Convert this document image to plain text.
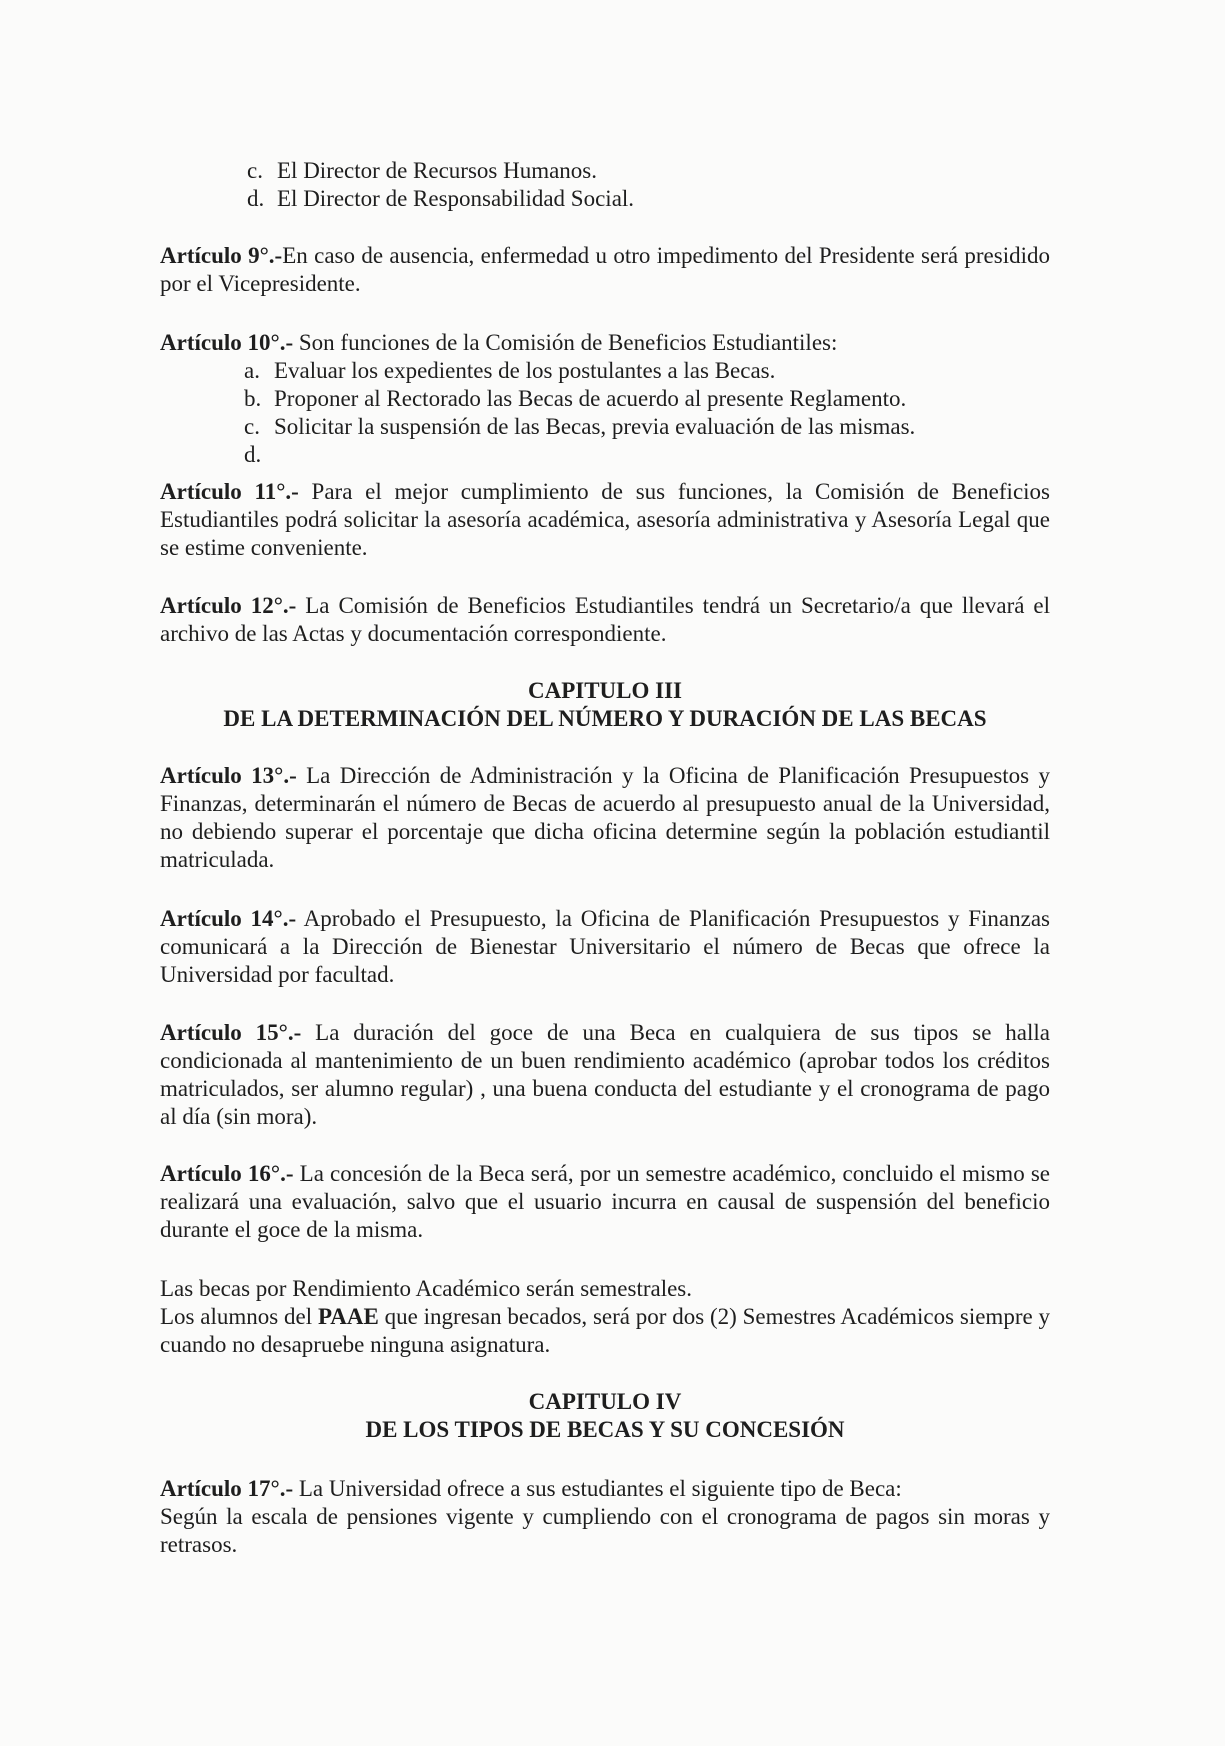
c. El Director de Recursos Humanos.
d. El Director de Responsabilidad Social.

Artículo 9°.-En caso de ausencia, enfermedad u otro impedimento del Presidente será presidido por el Vicepresidente.

Artículo 10°.- Son funciones de la Comisión de Beneficios Estudiantiles:

a. Evaluar los expedientes de los postulantes a las Becas.
b. Proponer al Rectorado las Becas de acuerdo al presente Reglamento.
c. Solicitar la suspensión de las Becas, previa evaluación de las mismas.
d.

Artículo 11°.- Para el mejor cumplimiento de sus funciones, la Comisión de Beneficios Estudiantiles podrá solicitar la asesoría académica, asesoría administrativa y Asesoría Legal que se estime conveniente.

Artículo 12°.- La Comisión de Beneficios Estudiantiles tendrá un Secretario/a que llevará el archivo de las Actas y documentación correspondiente.

CAPITULO III
DE LA DETERMINACIÓN DEL NÚMERO Y DURACIÓN DE LAS BECAS

Artículo 13°.- La Dirección de Administración y la Oficina de Planificación Presupuestos y Finanzas, determinarán el número de Becas de acuerdo al presupuesto anual de la Universidad, no debiendo superar el porcentaje que dicha oficina determine según la población estudiantil matriculada.

Artículo 14°.- Aprobado el Presupuesto, la Oficina de Planificación Presupuestos y Finanzas comunicará a la Dirección de Bienestar Universitario el número de Becas que ofrece la Universidad por facultad.

Artículo 15°.- La duración del goce de una Beca en cualquiera de sus tipos se halla condicionada al mantenimiento de un buen rendimiento académico (aprobar todos los créditos matriculados, ser alumno regular) , una buena conducta del estudiante y el cronograma de pago al día (sin mora).

Artículo 16°.- La concesión de la Beca será, por un semestre académico, concluido el mismo se realizará una evaluación, salvo que el usuario incurra en causal de suspensión del beneficio durante el goce de la misma.

Las becas por Rendimiento Académico serán semestrales.

Los alumnos del PAAE que ingresan becados, será por dos (2) Semestres Académicos siempre y cuando no desapruebe ninguna asignatura.

CAPITULO IV
DE LOS TIPOS DE BECAS Y SU CONCESIÓN

Artículo 17°.- La Universidad ofrece a sus estudiantes el siguiente tipo de Beca:

Según la escala de pensiones vigente y cumpliendo con el cronograma de pagos sin moras y retrasos.
